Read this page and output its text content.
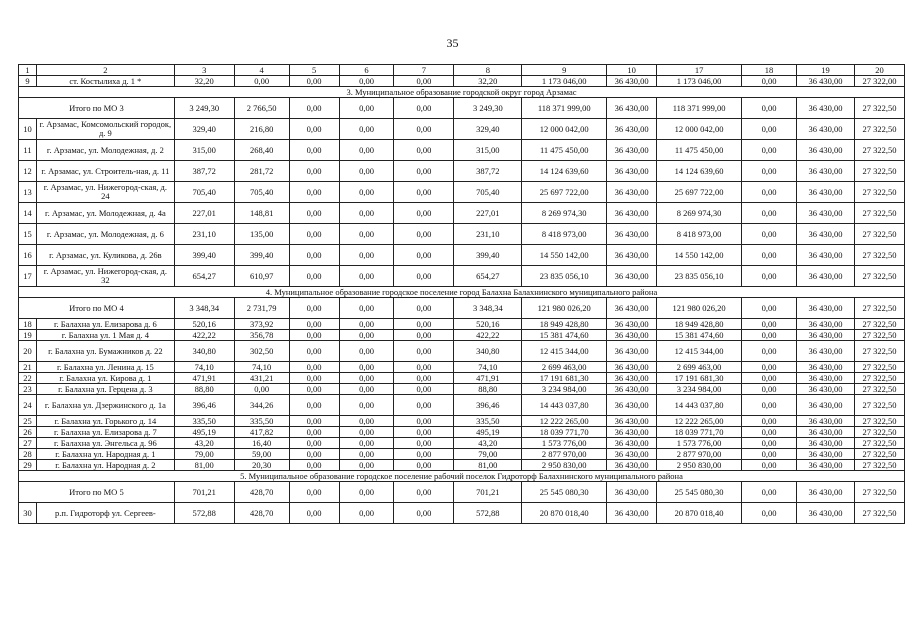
35
1	2	3	4	5	6	7	8	9	10	17	18	19	20
9	ст. Костылиха д. 1 *	32,20	0,00	0,00	0,00	0,00	32,20	1 173 046,00	36 430,00	1 173 046,00	0,00	36 430,00	27 322,00
3. Муниципальное образование городской округ город Арзамас													
Итого по МО 3		3 249,30	2 766,50	0,00	0,00	0,00	3 249,30	118 371 999,00	36 430,00	118 371 999,00	0,00	36 430,00	27 322,50
10	г. Арзамас, Комсомольский городок, д. 9	329,40	216,80	0,00	0,00	0,00	329,40	12 000 042,00	36 430,00	12 000 042,00	0,00	36 430,00	27 322,50
11	г. Арзамас, ул. Молодежная, д. 2	315,00	268,40	0,00	0,00	0,00	315,00	11 475 450,00	36 430,00	11 475 450,00	0,00	36 430,00	27 322,50
12	г. Арзамас, ул. Строитель-ная, д. 11	387,72	281,72	0,00	0,00	0,00	387,72	14 124 639,60	36 430,00	14 124 639,60	0,00	36 430,00	27 322,50
13	г. Арзамас, ул. Нижегород-ская, д. 24	705,40	705,40	0,00	0,00	0,00	705,40	25 697 722,00	36 430,00	25 697 722,00	0,00	36 430,00	27 322,50
14	г. Арзамас, ул. Молодежная, д. 4а	227,01	148,81	0,00	0,00	0,00	227,01	8 269 974,30	36 430,00	8 269 974,30	0,00	36 430,00	27 322,50
15	г. Арзамас, ул. Молодежная, д. 6	231,10	135,00	0,00	0,00	0,00	231,10	8 418 973,00	36 430,00	8 418 973,00	0,00	36 430,00	27 322,50
16	г. Арзамас, ул. Куликова, д. 26в	399,40	399,40	0,00	0,00	0,00	399,40	14 550 142,00	36 430,00	14 550 142,00	0,00	36 430,00	27 322,50
17	г. Арзамас, ул. Нижегород-ская, д. 32	654,27	610,97	0,00	0,00	0,00	654,27	23 835 056,10	36 430,00	23 835 056,10	0,00	36 430,00	27 322,50
4. Муниципальное образование городское поселение город Балахна Балахнинского муниципального района													
Итого по МО 4		3 348,34	2 731,79	0,00	0,00	0,00	3 348,34	121 980 026,20	36 430,00	121 980 026,20	0,00	36 430,00	27 322,50
18	г. Балахна ул. Елизарова д. 6	520,16	373,92	0,00	0,00	0,00	520,16	18 949 428,80	36 430,00	18 949 428,80	0,00	36 430,00	27 322,50
19	г. Балахна ул. 1 Мая д. 4	422,22	356,78	0,00	0,00	0,00	422,22	15 381 474,60	36 430,00	15 381 474,60	0,00	36 430,00	27 322,50
20	г. Балахна ул. Бумажников д. 22	340,80	302,50	0,00	0,00	0,00	340,80	12 415 344,00	36 430,00	12 415 344,00	0,00	36 430,00	27 322,50
21	г. Балахна ул. Ленина д. 15	74,10	74,10	0,00	0,00	0,00	74,10	2 699 463,00	36 430,00	2 699 463,00	0,00	36 430,00	27 322,50
22	г. Балахна ул. Кирова д. 1	471,91	431,21	0,00	0,00	0,00	471,91	17 191 681,30	36 430,00	17 191 681,30	0,00	36 430,00	27 322,50
23	г. Балахна ул. Герцена д. 3	88,80	0,00	0,00	0,00	0,00	88,80	3 234 984,00	36 430,00	3 234 984,00	0,00	36 430,00	27 322,50
24	г. Балахна ул. Дзержинского д. 1а	396,46	344,26	0,00	0,00	0,00	396,46	14 443 037,80	36 430,00	14 443 037,80	0,00	36 430,00	27 322,50
25	г. Балахна ул. Горького д. 14	335,50	335,50	0,00	0,00	0,00	335,50	12 222 265,00	36 430,00	12 222 265,00	0,00	36 430,00	27 322,50
26	г. Балахна ул. Елизарова д. 7	495,19	417,82	0,00	0,00	0,00	495,19	18 039 771,70	36 430,00	18 039 771,70	0,00	36 430,00	27 322,50
27	г. Балахна ул. Энгельса д. 96	43,20	16,40	0,00	0,00	0,00	43,20	1 573 776,00	36 430,00	1 573 776,00	0,00	36 430,00	27 322,50
28	г. Балахна ул. Народная д. 1	79,00	59,00	0,00	0,00	0,00	79,00	2 877 970,00	36 430,00	2 877 970,00	0,00	36 430,00	27 322,50
29	г. Балахна ул. Народная д. 2	81,00	20,30	0,00	0,00	0,00	81,00	2 950 830,00	36 430,00	2 950 830,00	0,00	36 430,00	27 322,50
5. Муниципальное образование городское поселение рабочий поселок Гидроторф Балахнинского муниципального района													
Итого по МО 5		701,21	428,70	0,00	0,00	0,00	701,21	25 545 080,30	36 430,00	25 545 080,30	0,00	36 430,00	27 322,50
30	р.п. Гидроторф ул. Сергеев-	572,88	428,70	0,00	0,00	0,00	572,88	20 870 018,40	36 430,00	20 870 018,40	0,00	36 430,00	27 322,50
